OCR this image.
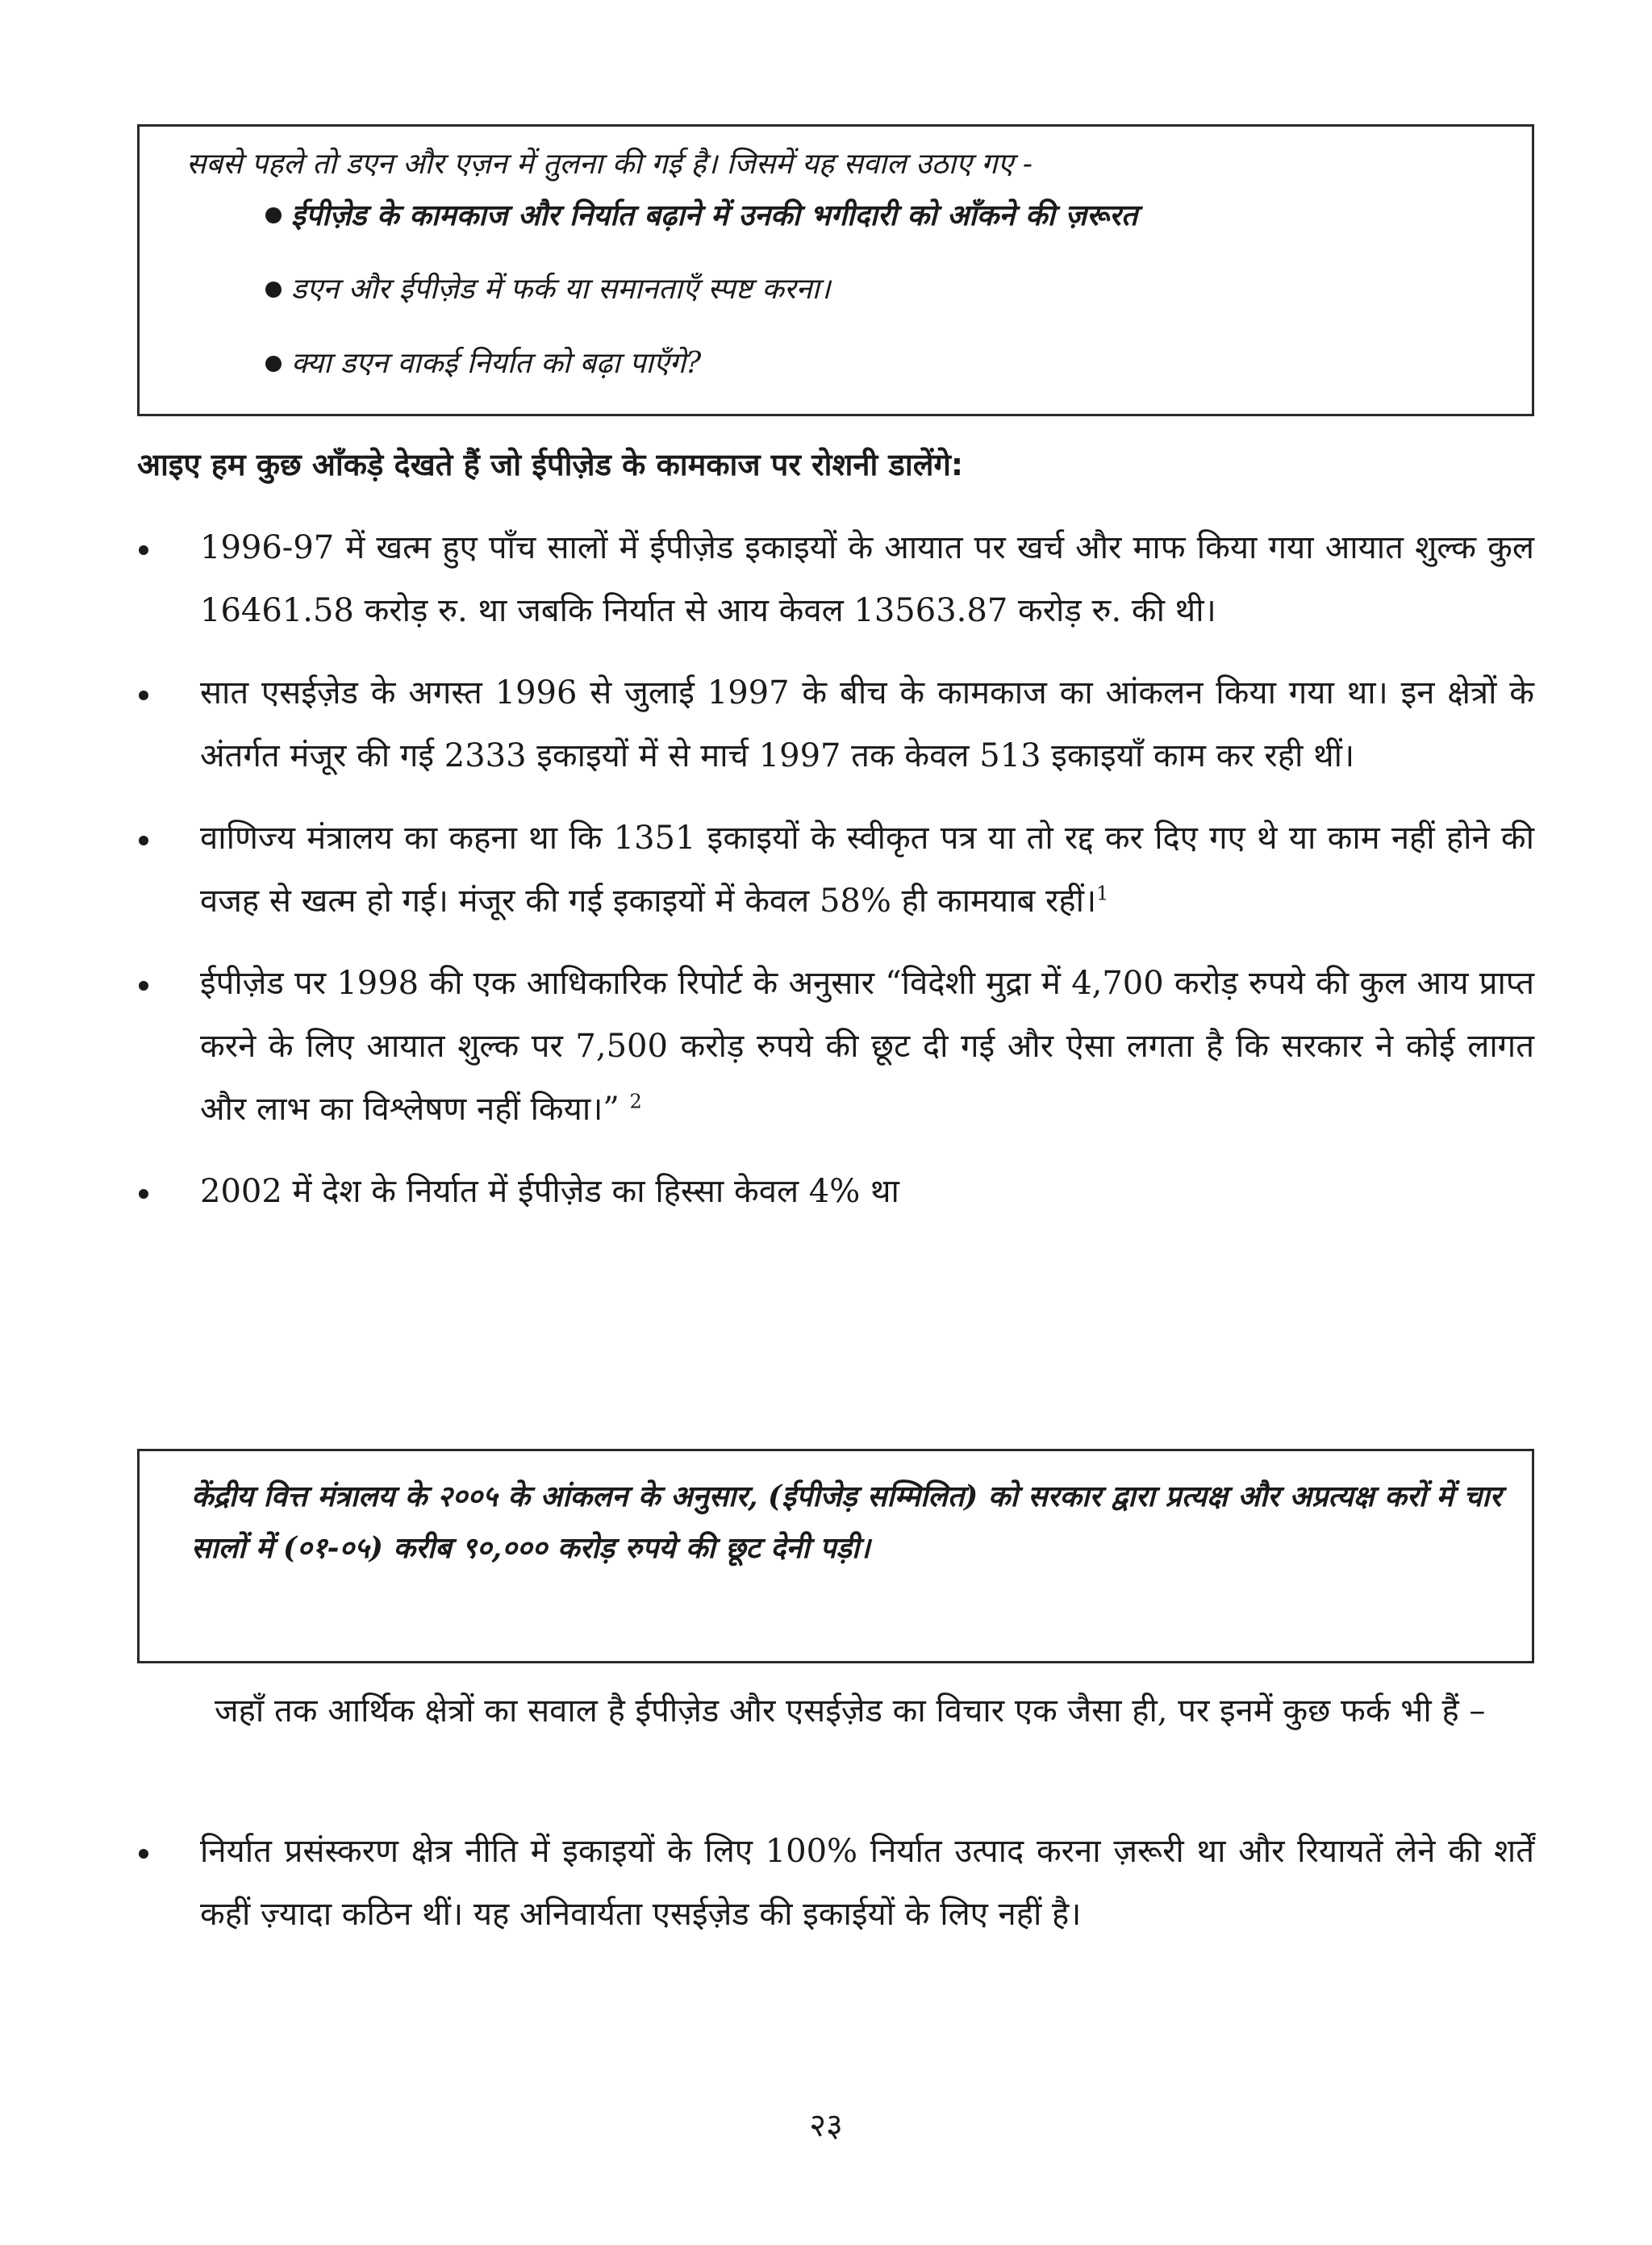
सबसे पहले तो डएन और एज़न में तुलना की गई है। जिसमें यह सवाल उठाए गए -

ईपीज़ेड के कामकाज और निर्यात बढ़ाने में उनकी भगीदारी को आँकने की ज़रूरत
डएन और ईपीज़ेड में फर्क या समानताएँ स्पष्ट करना।
क्या डएन वाकई निर्यात को बढ़ा पाएँगे?

आइए हम कुछ आँकड़े देखते हैं जो ईपीज़ेड के कामकाज पर रोशनी डालेंगे:

1996-97 में खत्म हुए पाँच सालों में ईपीज़ेड इकाइयों के आयात पर खर्च और माफ किया गया आयात शुल्क कुल 16461.58 करोड़ रु. था जबकि निर्यात से आय केवल 13563.87 करोड़ रु. की थी।
सात एसईज़ेड के अगस्त 1996 से जुलाई 1997 के बीच के कामकाज का आंकलन किया गया था। इन क्षेत्रों के अंतर्गत मंजूर की गई 2333 इकाइयों में से मार्च 1997 तक केवल 513 इकाइयाँ काम कर रही थीं।
वाणिज्य मंत्रालय का कहना था कि 1351 इकाइयों के स्वीकृत पत्र या तो रद्द कर दिए गए थे या काम नहीं होने की वजह से खत्म हो गई। मंजूर की गई इकाइयों में केवल 58% ही कामयाब रहीं।$^1$
ईपीज़ेड पर 1998 की एक आधिकारिक रिपोर्ट के अनुसार “विदेशी मुद्रा में 4,700 करोड़ रुपये की कुल आय प्राप्त करने के लिए आयात शुल्क पर 7,500 करोड़ रुपये की छूट दी गई और ऐसा लगता है कि सरकार ने कोई लागत और लाभ का विश्लेषण नहीं किया।” $^2$
2002 में देश के निर्यात में ईपीज़ेड का हिस्सा केवल 4% था

केंद्रीय वित्त मंत्रालय के २००५ के आंकलन के अनुसार, (ईपीजेड़ सम्मिलित) को सरकार द्वारा प्रत्यक्ष और अप्रत्यक्ष करों में चार सालों में (०१-०५) करीब ९०,००० करोड़ रुपये की छूट देनी पड़ी।

जहाँ तक आर्थिक क्षेत्रों का सवाल है ईपीज़ेड और एसईज़ेड का विचार एक जैसा ही, पर इनमें कुछ फर्क भी हैं –

निर्यात प्रसंस्करण क्षेत्र नीति में इकाइयों के लिए 100% निर्यात उत्पाद करना ज़रूरी था और रियायतें लेने की शर्तें कहीं ज़्यादा कठिन थीं। यह अनिवार्यता एसईज़ेड की इकाईयों के लिए नहीं है।
२३
